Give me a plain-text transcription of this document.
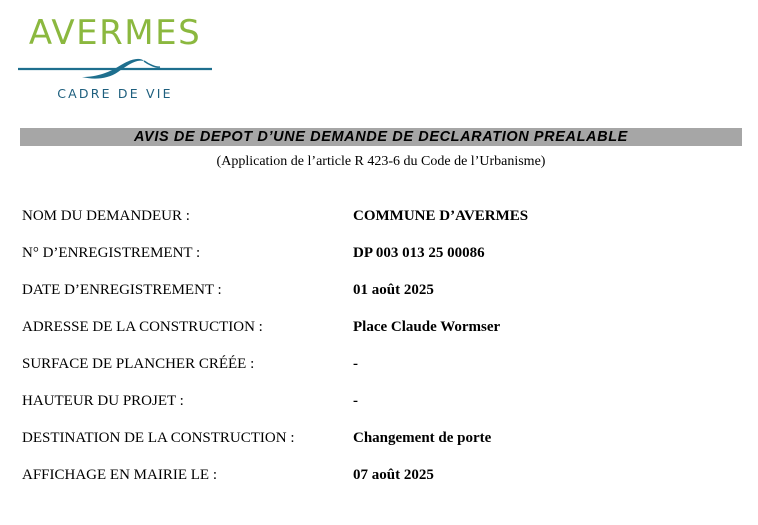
AVERMES
CADRE DE VIE
AVIS DE DEPOT D’UNE DEMANDE DE DECLARATION PREALABLE
(Application de l’article R 423-6 du Code de l’Urbanisme)
NOM DU DEMANDEUR :	COMMUNE D’AVERMES
N° D’ENREGISTREMENT :	DP 003 013 25 00086
DATE D’ENREGISTREMENT :	01 août 2025
ADRESSE DE LA CONSTRUCTION :	Place Claude Wormser
SURFACE DE PLANCHER CRÉÉE :	-
HAUTEUR DU PROJET :	-
DESTINATION DE LA CONSTRUCTION :	Changement de porte
AFFICHAGE EN MAIRIE LE :	07 août 2025
